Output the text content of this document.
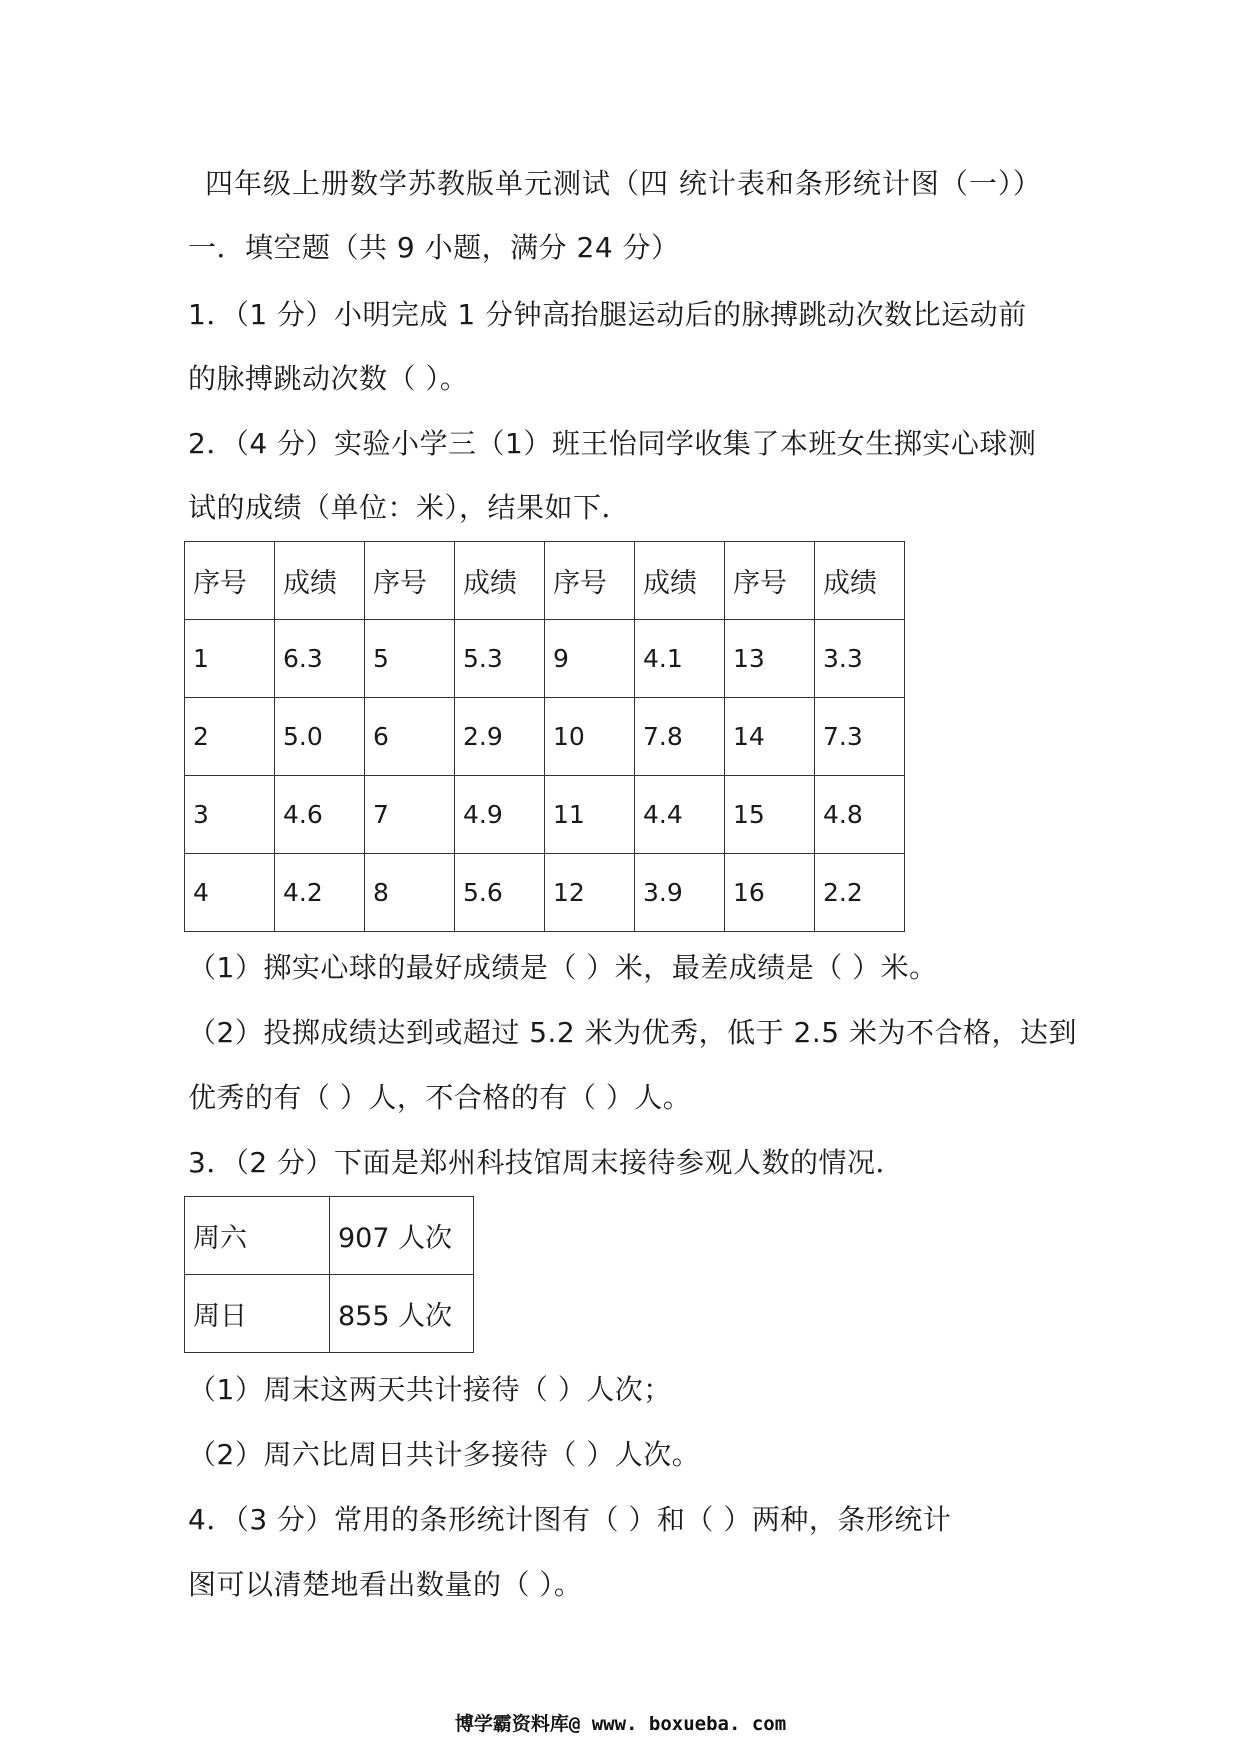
四年级上册数学苏教版单元测试（四 统计表和条形统计图（一））
一．填空题（共 9 小题，满分 24 分）
1．（1 分）小明完成 1 分钟高抬腿运动后的脉搏跳动次数比运动前
的脉搏跳动次数（ ）。
2．（4 分）实验小学三（1）班王怡同学收集了本班女生掷实心球测
试的成绩（单位：米），结果如下．
序号	成绩	序号	成绩	序号	成绩	序号	成绩
1	6.3	5	5.3	9	4.1	13	3.3
2	5.0	6	2.9	10	7.8	14	7.3
3	4.6	7	4.9	11	4.4	15	4.8
4	4.2	8	5.6	12	3.9	16	2.2
（1）掷实心球的最好成绩是（ ）米，最差成绩是（ ）米。
（2）投掷成绩达到或超过 5.2 米为优秀，低于 2.5 米为不合格，达到
优秀的有（ ）人，不合格的有（ ）人。
3．（2 分）下面是郑州科技馆周末接待参观人数的情况．
周六	907 人次
周日	855 人次
（1）周末这两天共计接待（ ）人次；
（2）周六比周日共计多接待（ ）人次。
4．（3 分）常用的条形统计图有（ ）和（ ）两种，条形统计
图可以清楚地看出数量的（ ）。
博学霸资料库@ www. boxueba. com
